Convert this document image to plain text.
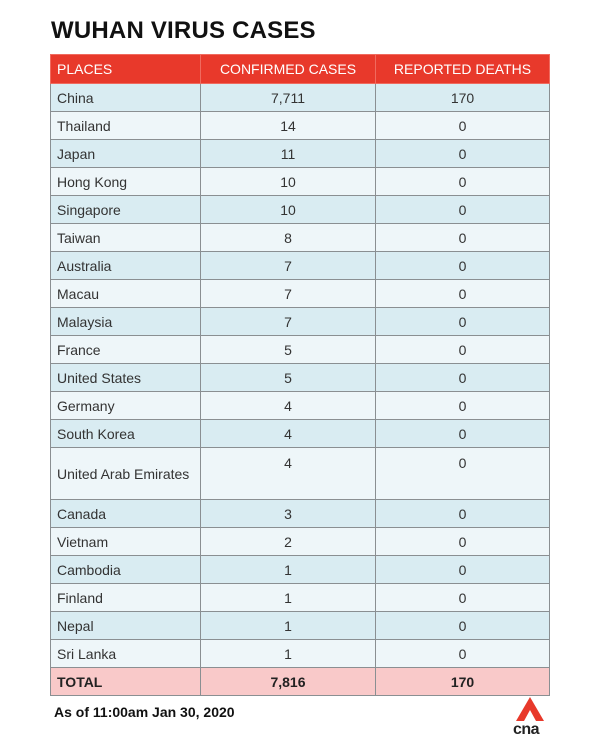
WUHAN VIRUS CASES
PLACES	CONFIRMED CASES	REPORTED DEATHS
China	7,711	170
Thailand	14	0
Japan	11	0
Hong Kong	10	0
Singapore	10	0
Taiwan	8	0
Australia	7	0
Macau	7	0
Malaysia	7	0
France	5	0
United States	5	0
Germany	4	0
South Korea	4	0
United Arab Emirates	4	0
Canada	3	0
Vietnam	2	0
Cambodia	1	0
Finland	1	0
Nepal	1	0
Sri Lanka	1	0
TOTAL	7,816	170
As of 11:00am Jan 30, 2020
cna
